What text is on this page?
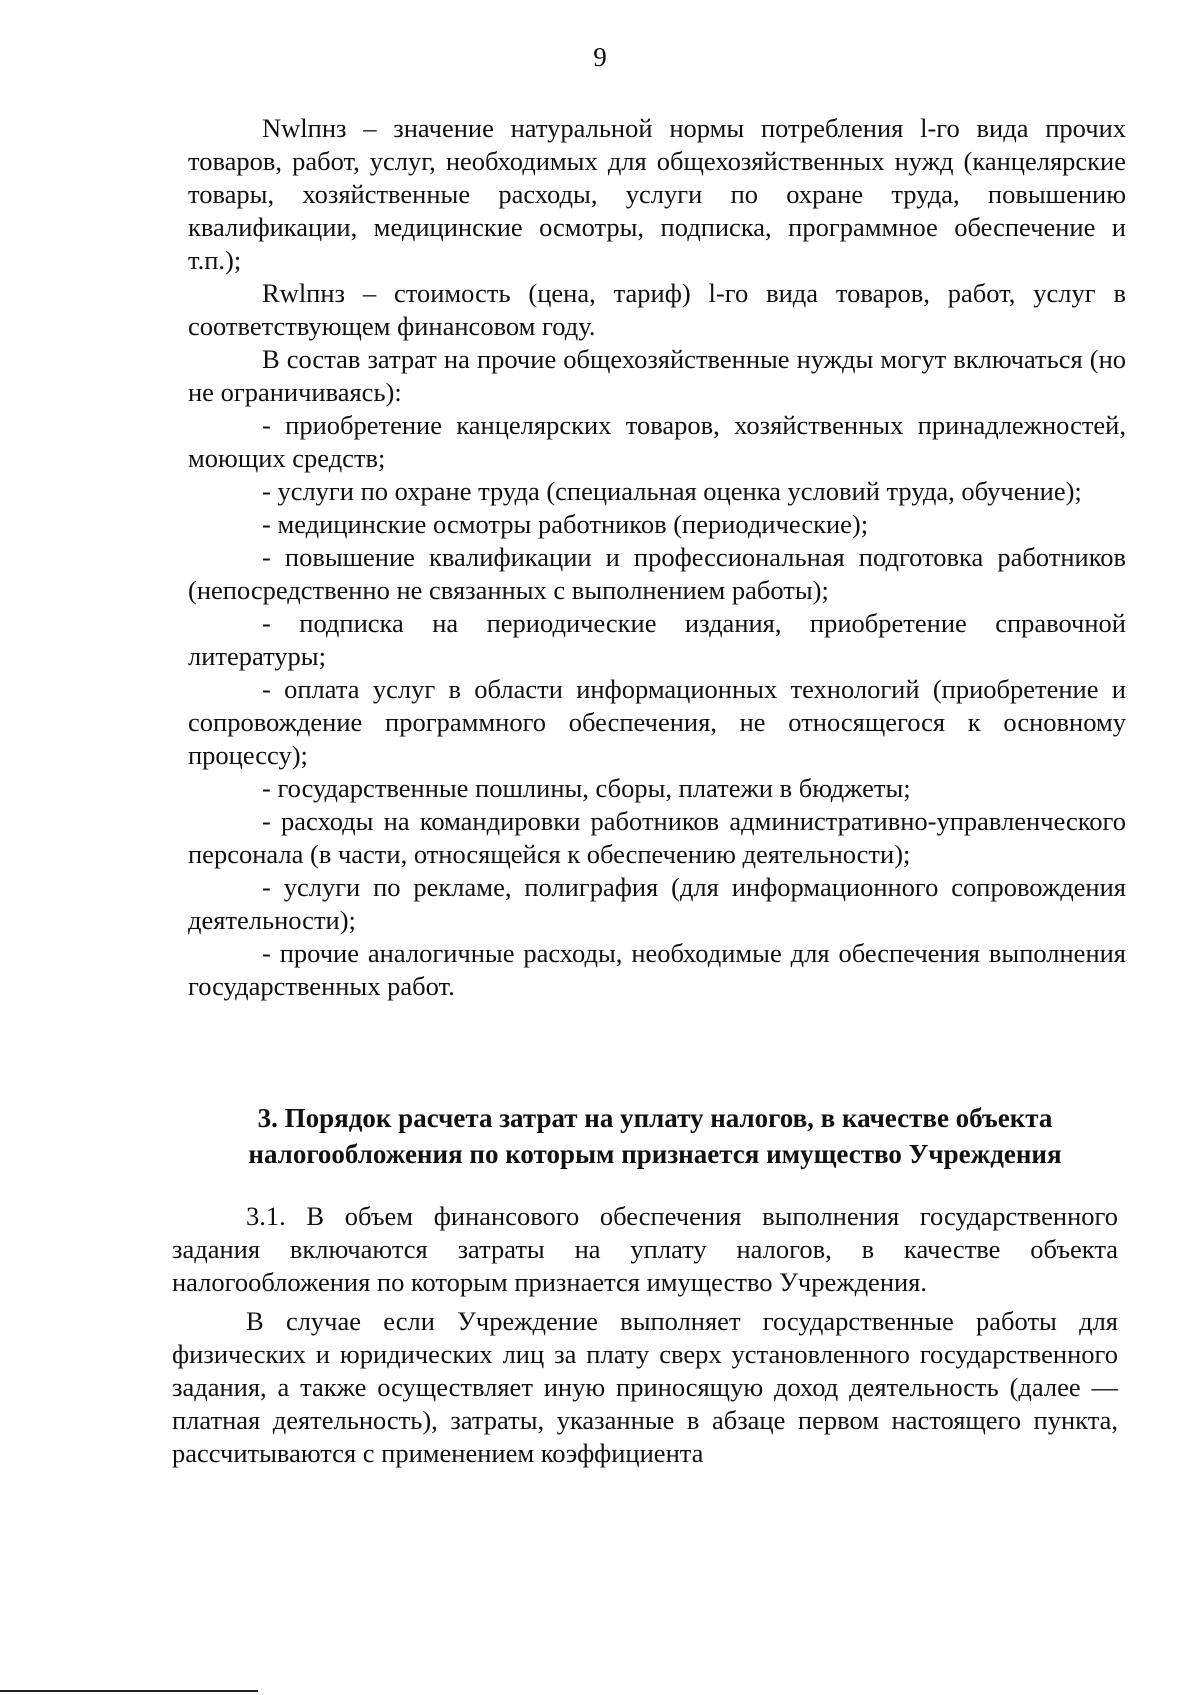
9

Nwlпнз – значение натуральной нормы потребления l-го вида прочих товаров, работ, услуг, необходимых для общехозяйственных нужд (канцелярские товары, хозяйственные расходы, услуги по охране труда, повышению квалификации, медицинские осмотры, подписка, программное обеспечение и т.п.);

Rwlпнз – стоимость (цена, тариф) l-го вида товаров, работ, услуг в соответствующем финансовом году.

В состав затрат на прочие общехозяйственные нужды могут включаться (но не ограничиваясь):

- приобретение канцелярских товаров, хозяйственных принадлежностей, моющих средств;

- услуги по охране труда (специальная оценка условий труда, обучение);

- медицинские осмотры работников (периодические);

- повышение квалификации и профессиональная подготовка работников (непосредственно не связанных с выполнением работы);

- подписка на периодические издания, приобретение справочной литературы;

- оплата услуг в области информационных технологий (приобретение и сопровождение программного обеспечения, не относящегося к основному процессу);

- государственные пошлины, сборы, платежи в бюджеты;

- расходы на командировки работников административно-управленческого персонала (в части, относящейся к обеспечению деятельности);

- услуги по рекламе, полиграфия (для информационного сопровождения деятельности);

- прочие аналогичные расходы, необходимые для обеспечения выполнения государственных работ.

3. Порядок расчета затрат на уплату налогов, в качестве объекта налогообложения по которым признается имущество Учреждения

3.1. В объем финансового обеспечения выполнения государственного задания включаются затраты на уплату налогов, в качестве объекта налогообложения по которым признается имущество Учреждения.

В случае если Учреждение выполняет государственные работы для физических и юридических лиц за плату сверх установленного государственного задания, а также осуществляет иную приносящую доход деятельность (далее — платная деятельность), затраты, указанные в абзаце первом настоящего пункта, рассчитываются с применением коэффициента
